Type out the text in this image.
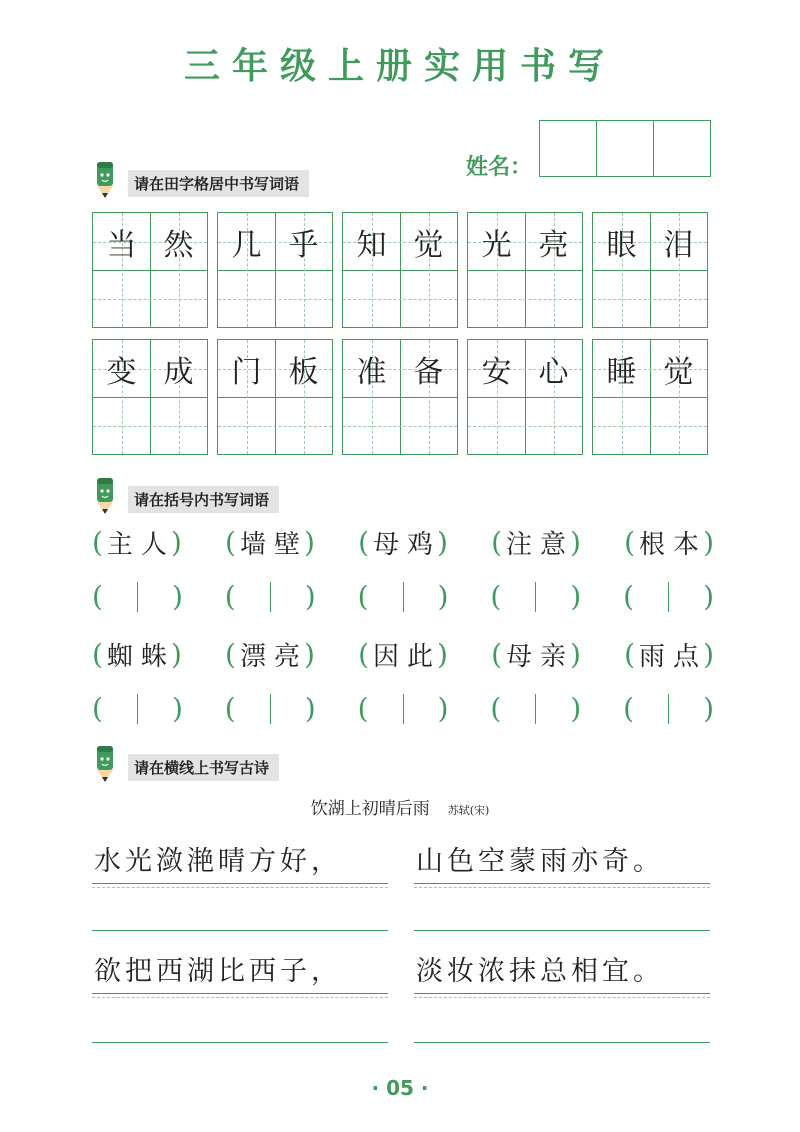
三年级上册实用书写
姓名：
请在田字格居中书写词语
当 然	几 乎	知 觉	光 亮	眼 泪
变 成	门 板	准 备	安 心	睡 觉
请在括号内书写词语
( 主 人 ) ( 墙 壁 ) ( 母 鸡 ) ( 注 意 ) ( 根 本 )
( ) ( ) ( ) ( ) ( )
( 蜘 蛛 ) ( 漂 亮 ) ( 因 此 ) ( 母 亲 ) ( 雨 点 )
( ) ( ) ( ) ( ) ( )
请在横线上书写古诗
饮湖上初晴后雨 苏轼(宋)
水光潋滟晴方好，	山色空蒙雨亦奇。
欲把西湖比西子，	淡妆浓抹总相宜。
· 05 ·
